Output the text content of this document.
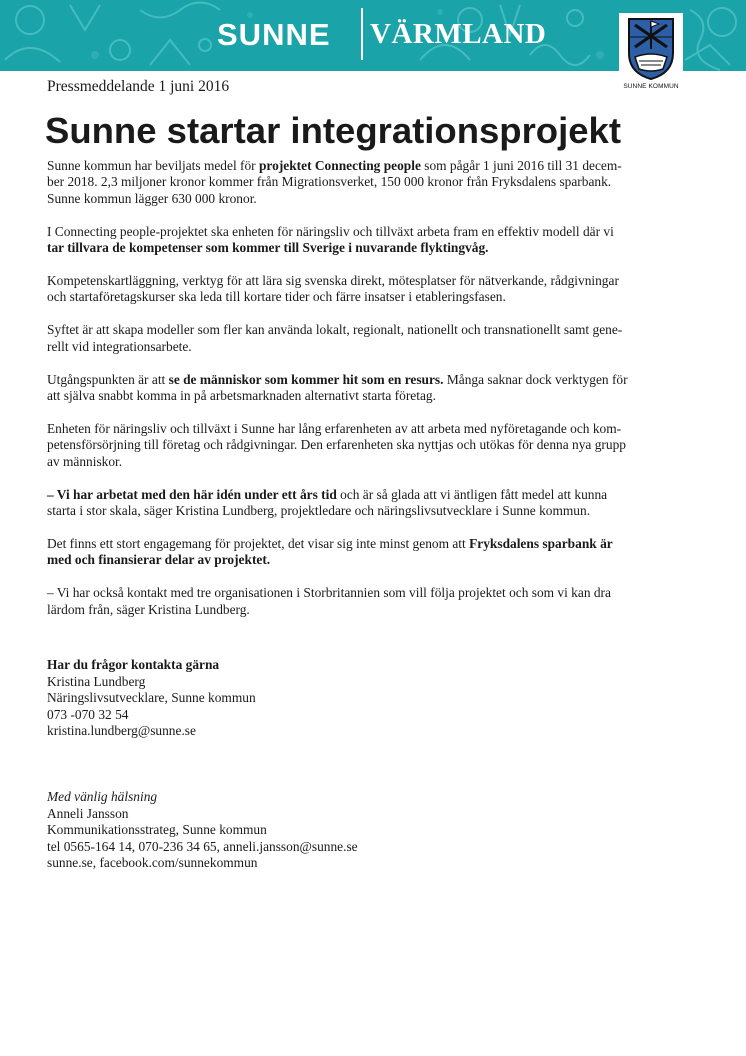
SUNNE VÄRMLAND
SUNNE KOMMUN
Pressmeddelande 1 juni 2016
Sunne startar integrationsprojekt

Sunne kommun har beviljats medel för projektet Connecting people som pågår 1 juni 2016 till 31 decem-
ber 2018. 2,3 miljoner kronor kommer från Migrationsverket, 150 000 kronor från Fryksdalens sparbank.
Sunne kommun lägger 630 000 kronor.

I Connecting people-projektet ska enheten för näringsliv och tillväxt arbeta fram en effektiv modell där vi
tar tillvara de kompetenser som kommer till Sverige i nuvarande flyktingvåg.

Kompetenskartläggning, verktyg för att lära sig svenska direkt, mötesplatser för nätverkande, rådgivningar
och startaföretagskurser ska leda till kortare tider och färre insatser i etableringsfasen.

Syftet är att skapa modeller som fler kan använda lokalt, regionalt, nationellt och transnationellt samt gene-
rellt vid integrationsarbete.

Utgångspunkten är att se de människor som kommer hit som en resurs. Många saknar dock verktygen för
att själva snabbt komma in på arbetsmarknaden alternativt starta företag.

Enheten för näringsliv och tillväxt i Sunne har lång erfarenheten av att arbeta med nyföretagande och kom-
petensförsörjning till företag och rådgivningar. Den erfarenheten ska nyttjas och utökas för denna nya grupp
av människor.

– Vi har arbetat med den här idén under ett års tid och är så glada att vi äntligen fått medel att kunna
starta i stor skala, säger Kristina Lundberg, projektledare och näringslivsutvecklare i Sunne kommun.

Det finns ett stort engagemang för projektet, det visar sig inte minst genom att Fryksdalens sparbank är
med och finansierar delar av projektet.

– Vi har också kontakt med tre organisationen i Storbritannien som vill följa projektet och som vi kan dra
lärdom från, säger Kristina Lundberg.

Har du frågor kontakta gärna
Kristina Lundberg
Näringslivsutvecklare, Sunne kommun
073 -070 32 54
kristina.lundberg@sunne.se
Med vänlig hälsning
Anneli Jansson
Kommunikationsstrateg, Sunne kommun
tel 0565-164 14, 070-236 34 65, anneli.jansson@sunne.se
sunne.se, facebook.com/sunnekommun
